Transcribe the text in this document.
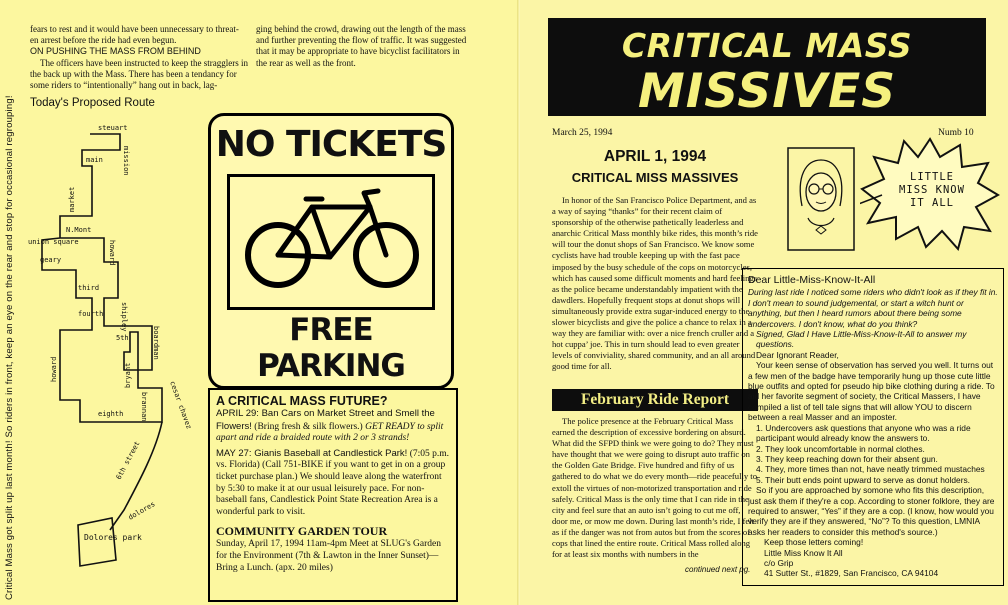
Critical Mass got split up last month! So riders in front, keep an eye on the rear and stop for occasional regrouping!

fears to rest and it would have been unnecessary to threat-

en arrest before the ride had even begun.

ON PUSHING THE MASS FROM BEHIND

The officers have been instructed to keep the stragglers in the back up with the Mass. There has been a tendancy for some riders to “intentionally” hang out in back, lag-

ging behind the crowd, drawing out the length of the mass and further preventing the flow of traffic. It was suggested that it may be appropriate to have bicyclist facilitators in the rear as well as the front.

Today's Proposed Route
steuart
mission
main
market
N.Mont
union square
geary	howard
third
fourth shipley
5th	boardman
howard	bryant
brannan
eighth	cesar chavez
6th street
dolores
Dolores park
NO TICKETS
FREE PARKING
A CRITICAL MASS FUTURE?
APRIL 29: Ban Cars on Market Street and Smell the Flowers! (Bring fresh & silk flowers.) GET READY to split apart and ride a braided route with 2 or 3 strands!
MAY 27: Gianis Baseball at Candlestick Park! (7:05 p.m. vs. Florida) (Call 751-BIKE if you want to get in on a group ticket purchase plan.) We should leave along the waterfront by 5:30 to make it at our usual leisurely pace. For non-baseball fans, Candlestick Point State Recreation Area is a wonderful park to visit.
COMMUNITY GARDEN TOUR
Sunday, April 17, 1994 11am-4pm Meet at SLUG's Garden for the Environment (7th & Lawton in the Inner Sunset)— Bring a Lunch. (apx. 20 miles)
CRITICAL MASS
MISSIVES
March 25, 1994	Numb 10
APRIL 1, 1994
CRITICAL MISS MASSIVES

In honor of the San Francisco Police Department, and as a way of saying “thanks” for their recent claim of sponsorship of the otherwise pathetically leaderless and anarchic Critical Mass monthly bike rides, this month’s ride will tour the donut shops of San Francisco. We know some cyclists have had trouble keeping up with the fast pace imposed by the busy schedule of the cops on motorcycles, which has caused some difficult moments and hard feelings as the police became understandably impatient with the dawdlers. Hopefully frequent stops at donut shops will simultaneously provide extra sugar-induced energy to the slower bicyclists and give the police a chance to relax in a way they are familiar with: over a nice french cruller and a hot cuppa’ joe. This in turn should lead to even greater levels of conviviality, shared community, and an all around good time for all.

February Ride Report

The police presence at the February Critical Mass earned the description of excessive bordering on absurd. What did the SFPD think we were going to do? They must have thought that we were going to disrupt auto traffic on the Golden Gate Bridge. Five hundred and fifty of us gathered to do what we do every month—ride peacefully to extoll the virtues of non-motorized transportation and ride safely. Critical Mass is the only time that I can ride in the city and feel sure that an auto isn’t going to cut me off, door me, or mow me down. During last month’s ride, I felt as if the danger was not from autos but from the scores of cops that lined the entire route. Critical Mass rolled along for at least six months with numbers in the

continued next pg.
LITTLE MISS KNOW IT ALL
Dear Little-Miss-Know-It-All
During last ride I noticed some riders who didn't look as if they fit in. I don't mean to sound judgemental, or start a witch hunt or anything, but then I heard rumors about there being some undercovers. I don't know, what do you think?
Signed, Glad I Have Little-Miss-Know-It-All to answer my questions.
Dear Ignorant Reader,
Your keen sense of observation has served you well. It turns out a few men of the badge have temporarily hung up those cute little blue outfits and opted for pseudo hip bike clothing during a ride. To aid her favorite segment of society, the Critical Massers, I have compiled a list of tell tale signs that will allow YOU to discern between a real Masser and an imposter.
1. Undercovers ask questions that anyone who was a ride participant would already know the answers to.
2. They look uncomfortable in normal clothes.
3. They keep reaching down for their absent gun.
4. They, more times than not, have neatly trimmed mustaches
5. Their butt ends point upward to serve as donut holders.
So if you are approached by somone who fits this description, just ask them if they're a cop. According to stoner folklore, they are required to answer, “Yes” if they are a cop. (I know, how would you verify they are if they answered, “No”? To this question, LMNIA asks her readers to consider this method's source.)
Keep those letters coming!
Little Miss Know It All
c/o Grip
41 Sutter St., #1829, San Francisco, CA 94104
